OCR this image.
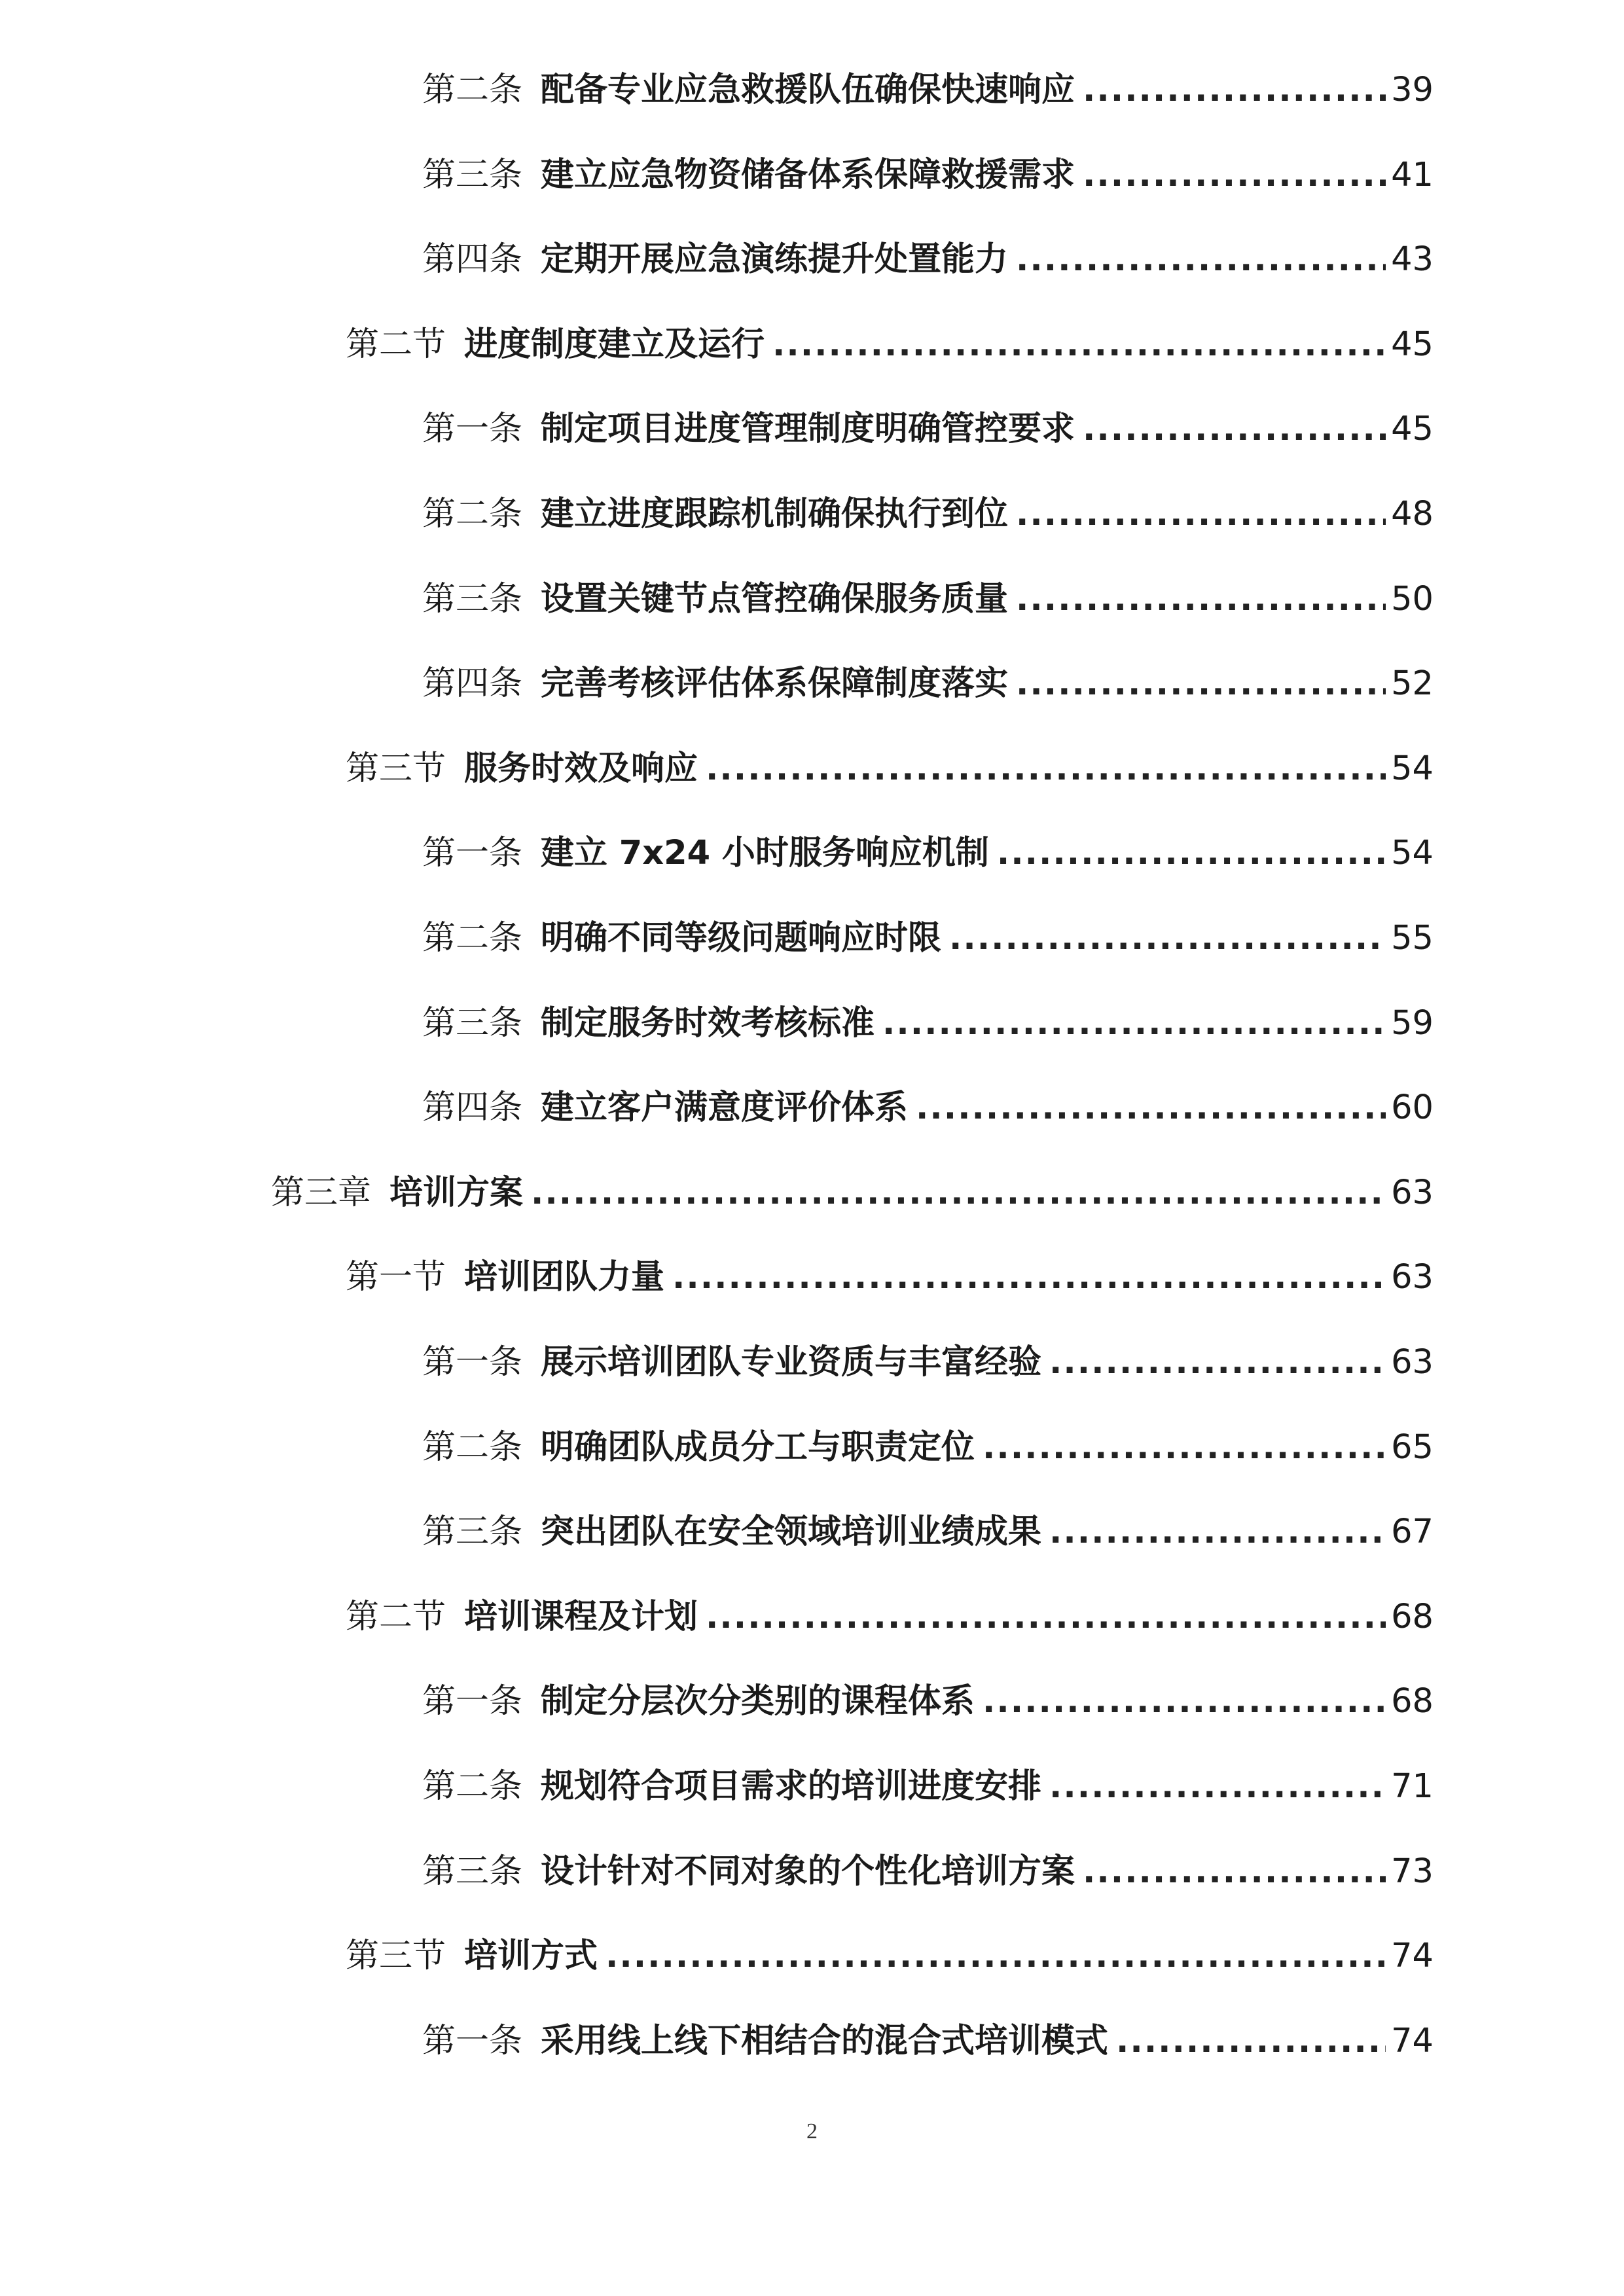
第二条 配备专业应急救援队伍确保快速响应 .....	39
第三条 建立应急物资储备体系保障救援需求 .....	41
第四条 定期开展应急演练提升处置能力 .....	43
第二节 进度制度建立及运行 .....	45
第一条 制定项目进度管理制度明确管控要求 .....	45
第二条 建立进度跟踪机制确保执行到位 .....	48
第三条 设置关键节点管控确保服务质量 .....	50
第四条 完善考核评估体系保障制度落实 .....	52
第三节 服务时效及响应 .....	54
第一条 建立 7x24 小时服务响应机制 .....	54
第二条 明确不同等级问题响应时限 .....	55
第三条 制定服务时效考核标准 .....	59
第四条 建立客户满意度评价体系 .....	60
第三章 培训方案 .....	63
第一节 培训团队力量 .....	63
第一条 展示培训团队专业资质与丰富经验 .....	63
第二条 明确团队成员分工与职责定位 .....	65
第三条 突出团队在安全领域培训业绩成果 .....	67
第二节 培训课程及计划 .....	68
第一条 制定分层次分类别的课程体系 .....	68
第二条 规划符合项目需求的培训进度安排 .....	71
第三条 设计针对不同对象的个性化培训方案 .....	73
第三节 培训方式 .....	74
第一条 采用线上线下相结合的混合式培训模式 .....	74
2
